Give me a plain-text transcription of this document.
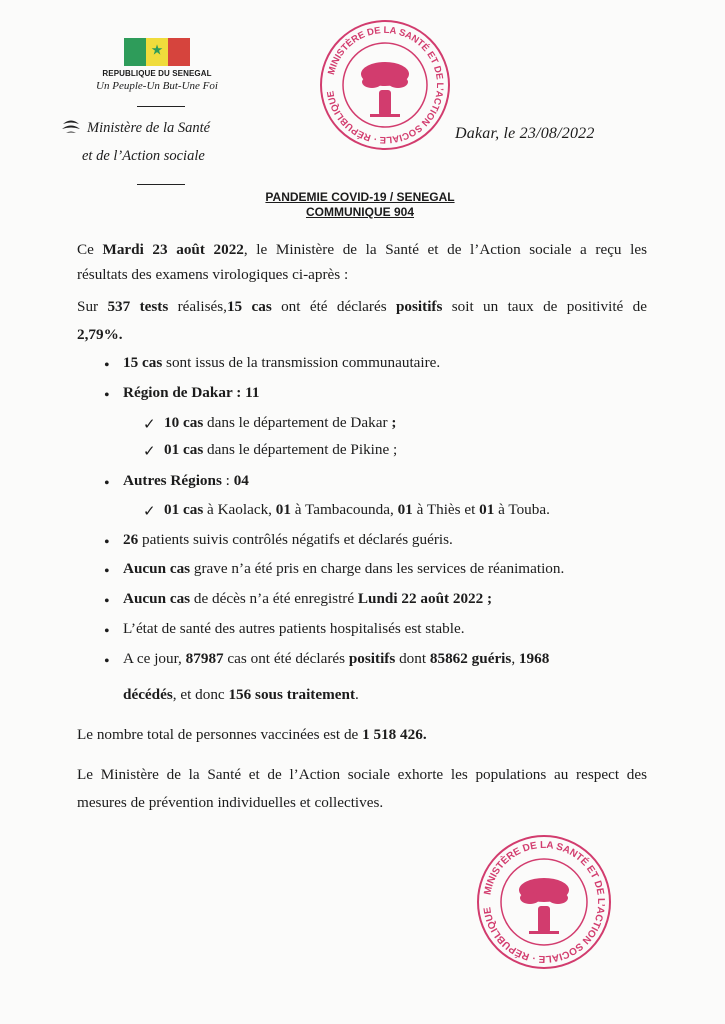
★
REPUBLIQUE DU SENEGAL
Un Peuple-Un But-Une Foi
Ministère de la Santé
et de l’Action sociale
MINISTÈRE DE LA SANTÉ ET DE L’ACTION SOCIALE · RÉPUBLIQUE
Dakar, le 23/08/2022
PANDEMIE COVID-19 / SENEGAL
COMMUNIQUE 904
Ce Mardi 23 août 2022, le Ministère de la Santé et de l’Action sociale a reçu les
résultats des examens virologiques ci-après :
Sur 537 tests réalisés,15 cas ont été déclarés positifs soit un taux de positivité de
2,79%.
• 15 cas sont issus de la transmission communautaire.
• Région de Dakar : 11
✓ 10 cas dans le département de Dakar ;
✓ 01 cas dans le département de Pikine ;
• Autres Régions : 04
✓ 01 cas à Kaolack, 01 à Tambacounda, 01 à Thiès et 01 à Touba.
• 26 patients suivis contrôlés négatifs et déclarés guéris.
• Aucun cas grave n’a été pris en charge dans les services de réanimation.
• Aucun cas de décès n’a été enregistré Lundi 22 août 2022 ;
• L’état de santé des autres patients hospitalisés est stable.
• A ce jour, 87987 cas ont été déclarés positifs dont 85862 guéris, 1968
décédés, et donc 156 sous traitement.
Le nombre total de personnes vaccinées est de 1 518 426.
Le Ministère de la Santé et de l’Action sociale exhorte les populations au respect des
mesures de prévention individuelles et collectives.
MINISTÈRE DE LA SANTÉ ET DE L’ACTION SOCIALE · RÉPUBLIQUE
